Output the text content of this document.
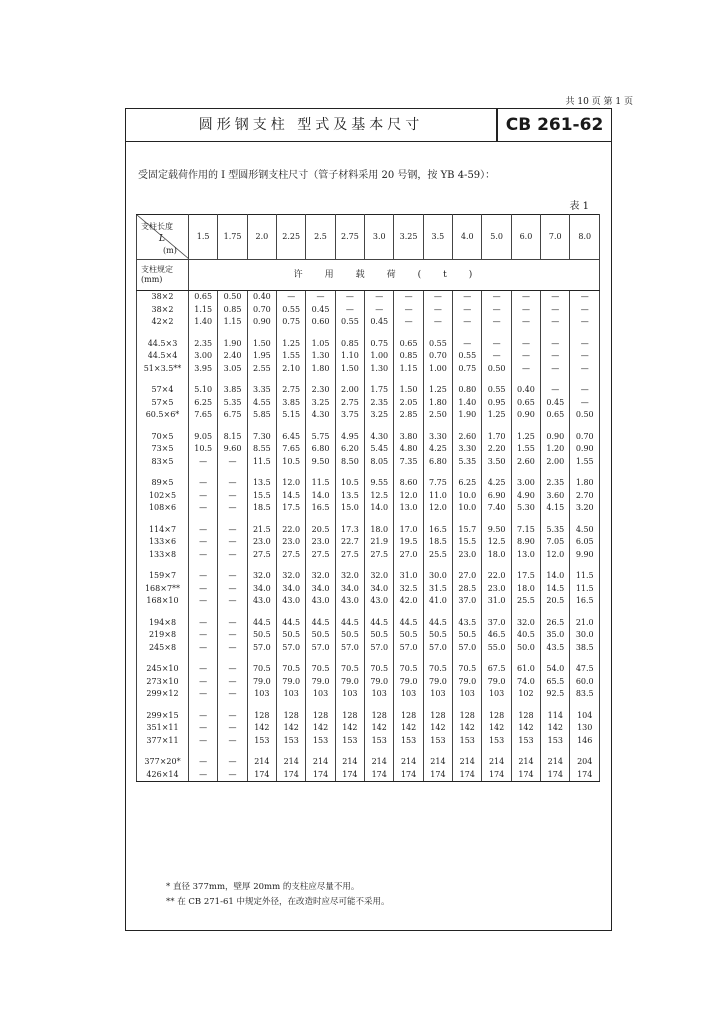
共 10 页 第 1 页
圆形钢支柱 型式及基本尺寸	CB 261-62
受固定载荷作用的 I 型圆形钢支柱尺寸（管子材料采用 20 号钢，按 YB 4-59）：
表 1
支柱长度
L
(m)	1.5	1.75	2.0	2.25	2.5	2.75	3.0	3.25	3.5	4.0	5.0	6.0	7.0	8.0

支柱规定
(mm)	许用载荷(t)													
38×2	0.65	0.50	0.40	—	—	—	—	—	—	—	—	—	—	—
38×2	1.15	0.85	0.70	0.55	0.45	—	—	—	—	—	—	—	—	—
42×2	1.40	1.15	0.90	0.75	0.60	0.55	0.45	—	—	—	—	—	—	—

44.5×3	2.35	1.90	1.50	1.25	1.05	0.85	0.75	0.65	0.55	—	—	—	—	—
44.5×4	3.00	2.40	1.95	1.55	1.30	1.10	1.00	0.85	0.70	0.55	—	—	—	—
51×3.5**	3.95	3.05	2.55	2.10	1.80	1.50	1.30	1.15	1.00	0.75	0.50	—	—	—

57×4	5.10	3.85	3.35	2.75	2.30	2.00	1.75	1.50	1.25	0.80	0.55	0.40	—	—
57×5	6.25	5.35	4.55	3.85	3.25	2.75	2.35	2.05	1.80	1.40	0.95	0.65	0.45	—
60.5×6*	7.65	6.75	5.85	5.15	4.30	3.75	3.25	2.85	2.50	1.90	1.25	0.90	0.65	0.50

70×5	9.05	8.15	7.30	6.45	5.75	4.95	4.30	3.80	3.30	2.60	1.70	1.25	0.90	0.70
73×5	10.5	9.60	8.55	7.65	6.80	6.20	5.45	4.80	4.25	3.30	2.20	1.55	1.20	0.90
83×5	—	—	11.5	10.5	9.50	8.50	8.05	7.35	6.80	5.35	3.50	2.60	2.00	1.55

89×5	—	—	13.5	12.0	11.5	10.5	9.55	8.60	7.75	6.25	4.25	3.00	2.35	1.80
102×5	—	—	15.5	14.5	14.0	13.5	12.5	12.0	11.0	10.0	6.90	4.90	3.60	2.70
108×6	—	—	18.5	17.5	16.5	15.0	14.0	13.0	12.0	10.0	7.40	5.30	4.15	3.20

114×7	—	—	21.5	22.0	20.5	17.3	18.0	17.0	16.5	15.7	9.50	7.15	5.35	4.50
133×6	—	—	23.0	23.0	23.0	22.7	21.9	19.5	18.5	15.5	12.5	8.90	7.05	6.05
133×8	—	—	27.5	27.5	27.5	27.5	27.5	27.0	25.5	23.0	18.0	13.0	12.0	9.90

159×7	—	—	32.0	32.0	32.0	32.0	32.0	31.0	30.0	27.0	22.0	17.5	14.0	11.5
168×7**	—	—	34.0	34.0	34.0	34.0	34.0	32.5	31.5	28.5	23.0	18.0	14.5	11.5
168×10	—	—	43.0	43.0	43.0	43.0	43.0	42.0	41.0	37.0	31.0	25.5	20.5	16.5

194×8	—	—	44.5	44.5	44.5	44.5	44.5	44.5	44.5	43.5	37.0	32.0	26.5	21.0
219×8	—	—	50.5	50.5	50.5	50.5	50.5	50.5	50.5	50.5	46.5	40.5	35.0	30.0
245×8	—	—	57.0	57.0	57.0	57.0	57.0	57.0	57.0	57.0	55.0	50.0	43.5	38.5

245×10	—	—	70.5	70.5	70.5	70.5	70.5	70.5	70.5	70.5	67.5	61.0	54.0	47.5
273×10	—	—	79.0	79.0	79.0	79.0	79.0	79.0	79.0	79.0	79.0	74.0	65.5	60.0
299×12	—	—	103	103	103	103	103	103	103	103	103	102	92.5	83.5

299×15	—	—	128	128	128	128	128	128	128	128	128	128	114	104
351×11	—	—	142	142	142	142	142	142	142	142	142	142	142	130
377×11	—	—	153	153	153	153	153	153	153	153	153	153	153	146

377×20*	—	—	214	214	214	214	214	214	214	214	214	214	214	204
426×14	—	—	174	174	174	174	174	174	174	174	174	174	174	174
* 直径 377mm，壁厚 20mm 的支柱应尽量不用。
** 在 CB 271-61 中规定外径，在改造时应尽可能不采用。
